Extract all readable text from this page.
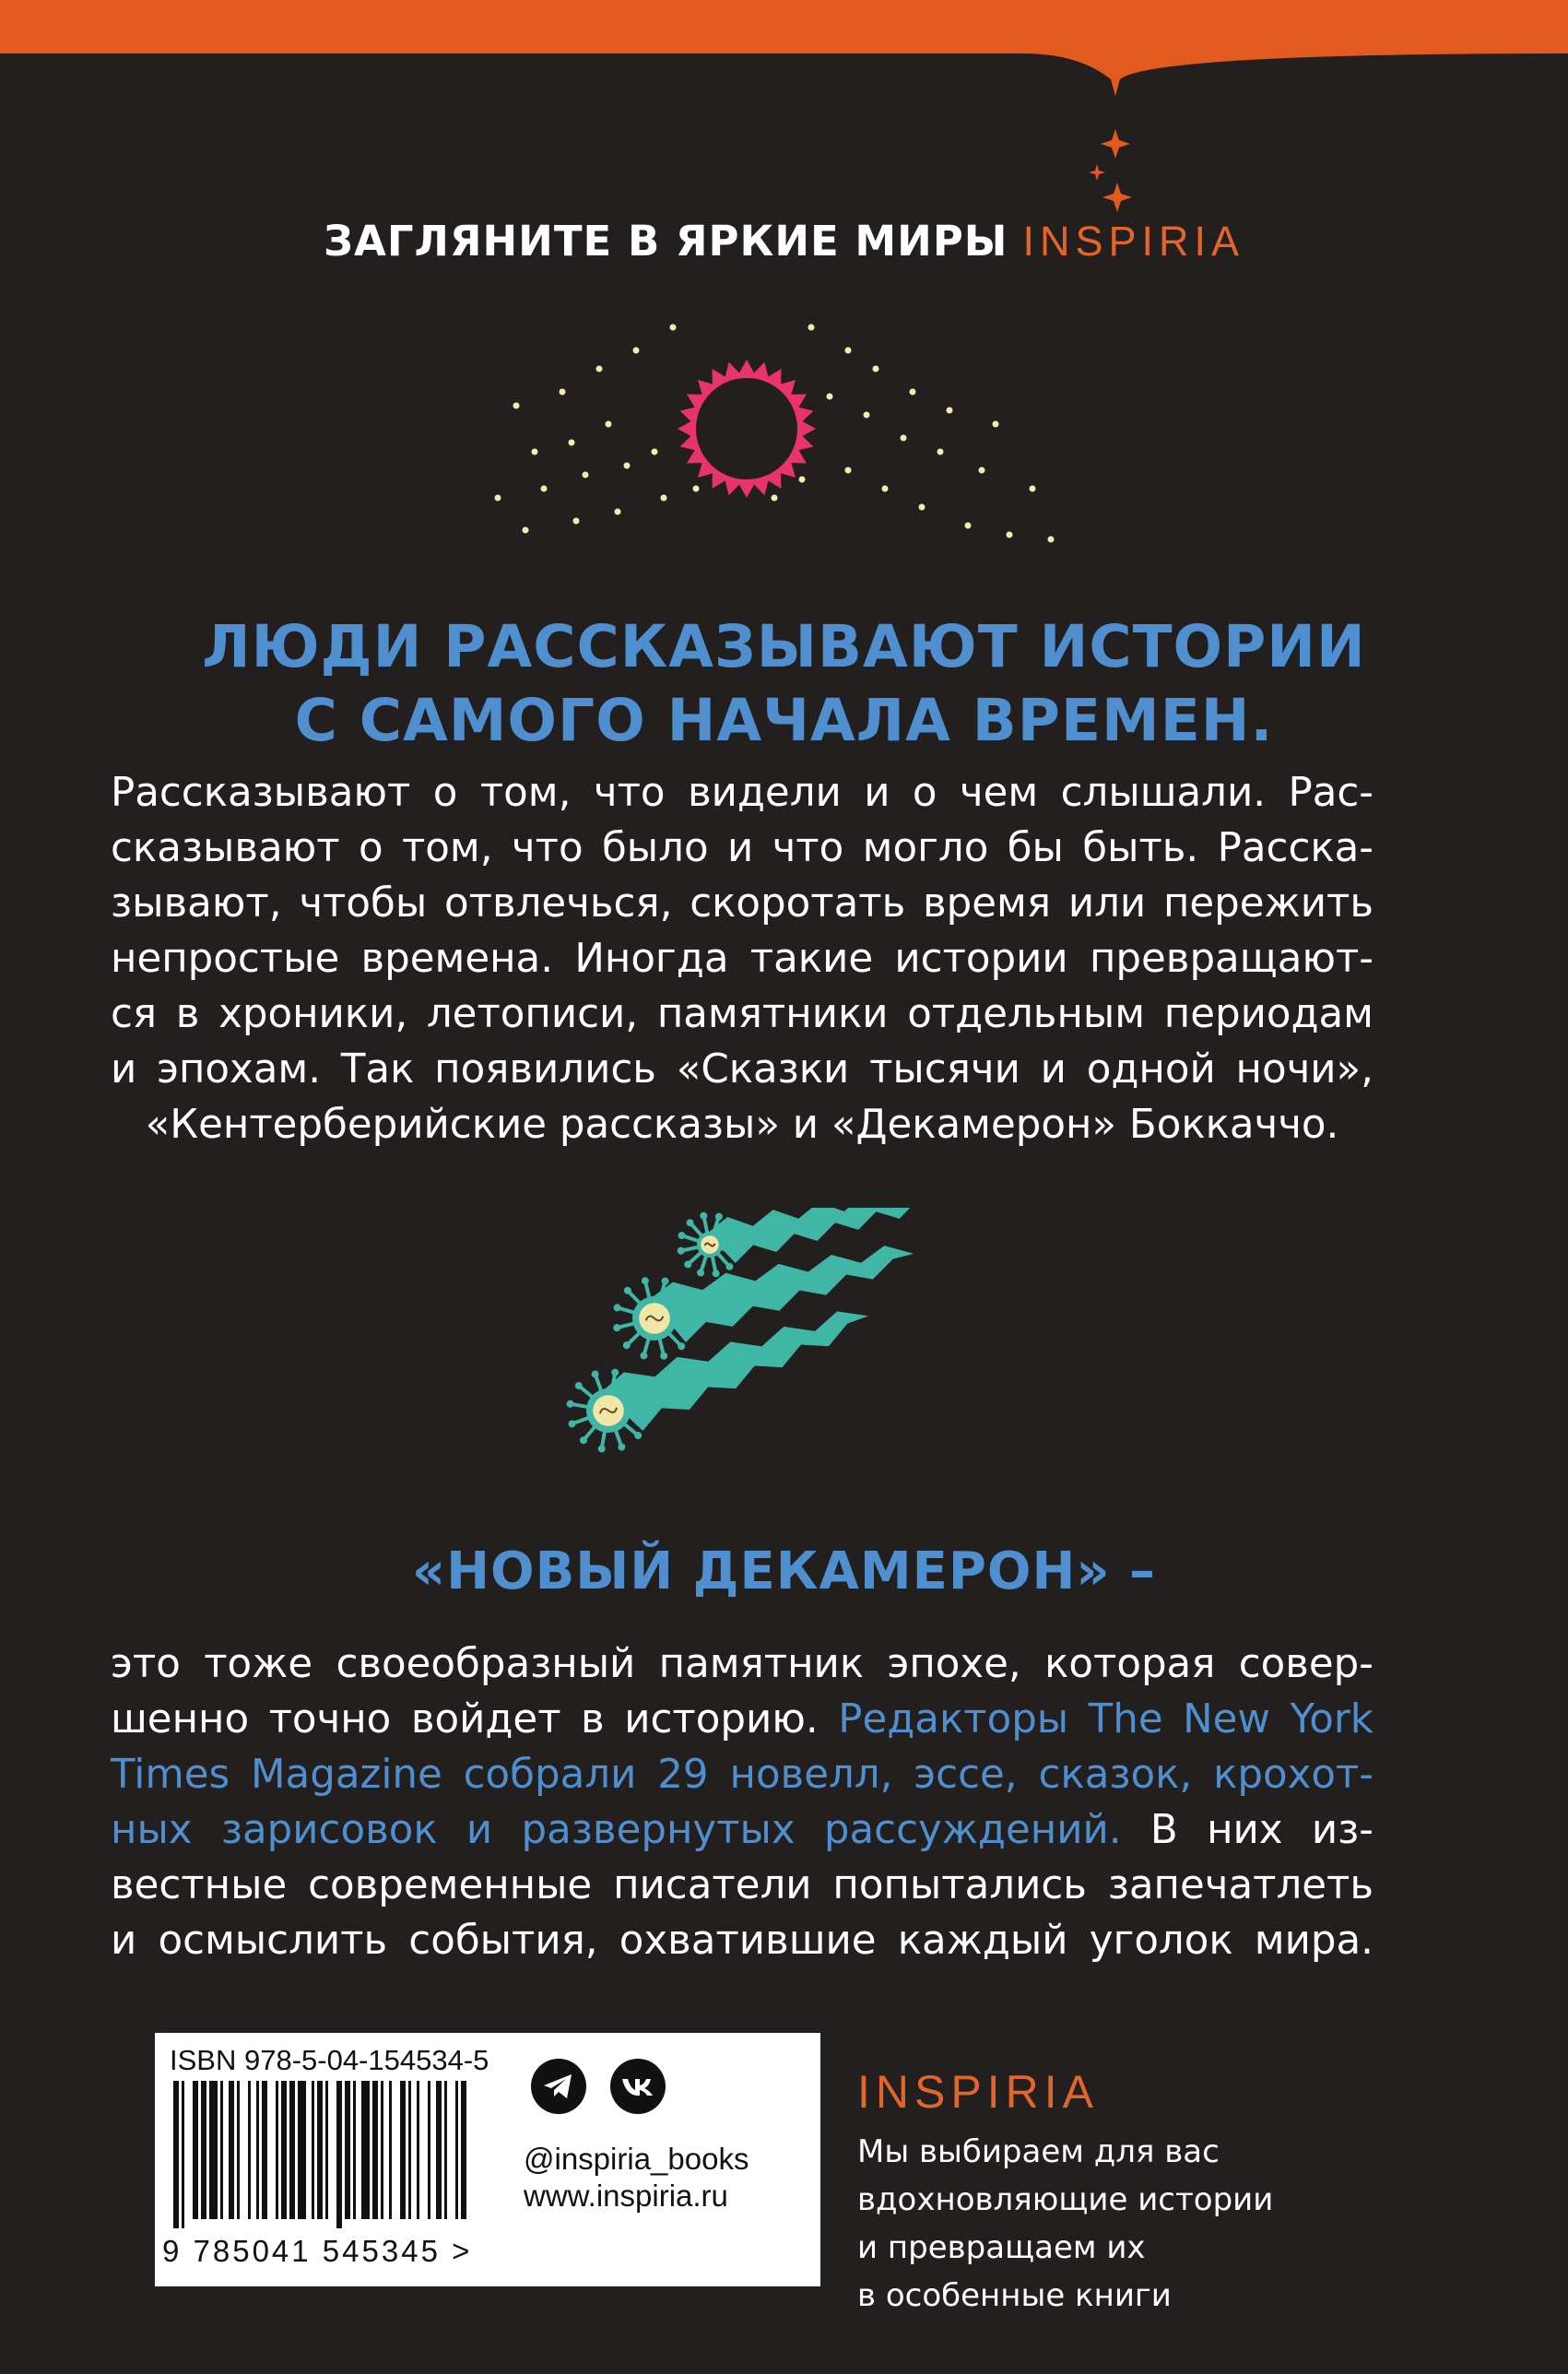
ЗАГЛЯНИТЕ В ЯРКИЕ МИРЫ INSPIRIA
ЛЮДИ РАССКАЗЫВАЮТ ИСТОРИИ
С САМОГО НАЧАЛА ВРЕМЕН.
Рассказывают о том, что видели и о чем слышали. Рас-
сказывают о том, что было и что могло бы быть. Расска-
зывают, чтобы отвлечься, скоротать время или пережить
непростые времена. Иногда такие истории превращают-
ся в хроники, летописи, памятники отдельным периодам
и эпохам. Так появились «Сказки тысячи и одной ночи»,
«Кентерберийские рассказы» и «Декамерон» Боккаччо.
«НОВЫЙ ДЕКАМЕРОН» –
это тоже своеобразный памятник эпохе, которая совер-
шенно точно войдет в историю. Редакторы The New York
Times Magazine собрали 29 новелл, эссе, сказок, крохот-
ных зарисовок и развернутых рассуждений. В них из-
вестные современные писатели попытались запечатлеть
и осмыслить события, охватившие каждый уголок мира.
ISBN 978-5-04-154534-5
9 785041 545345 >
@inspiria_books
www.inspiria.ru
INSPIRIA
Мы выбираем для вас
вдохновляющие истории
и превращаем их
в особенные книги
